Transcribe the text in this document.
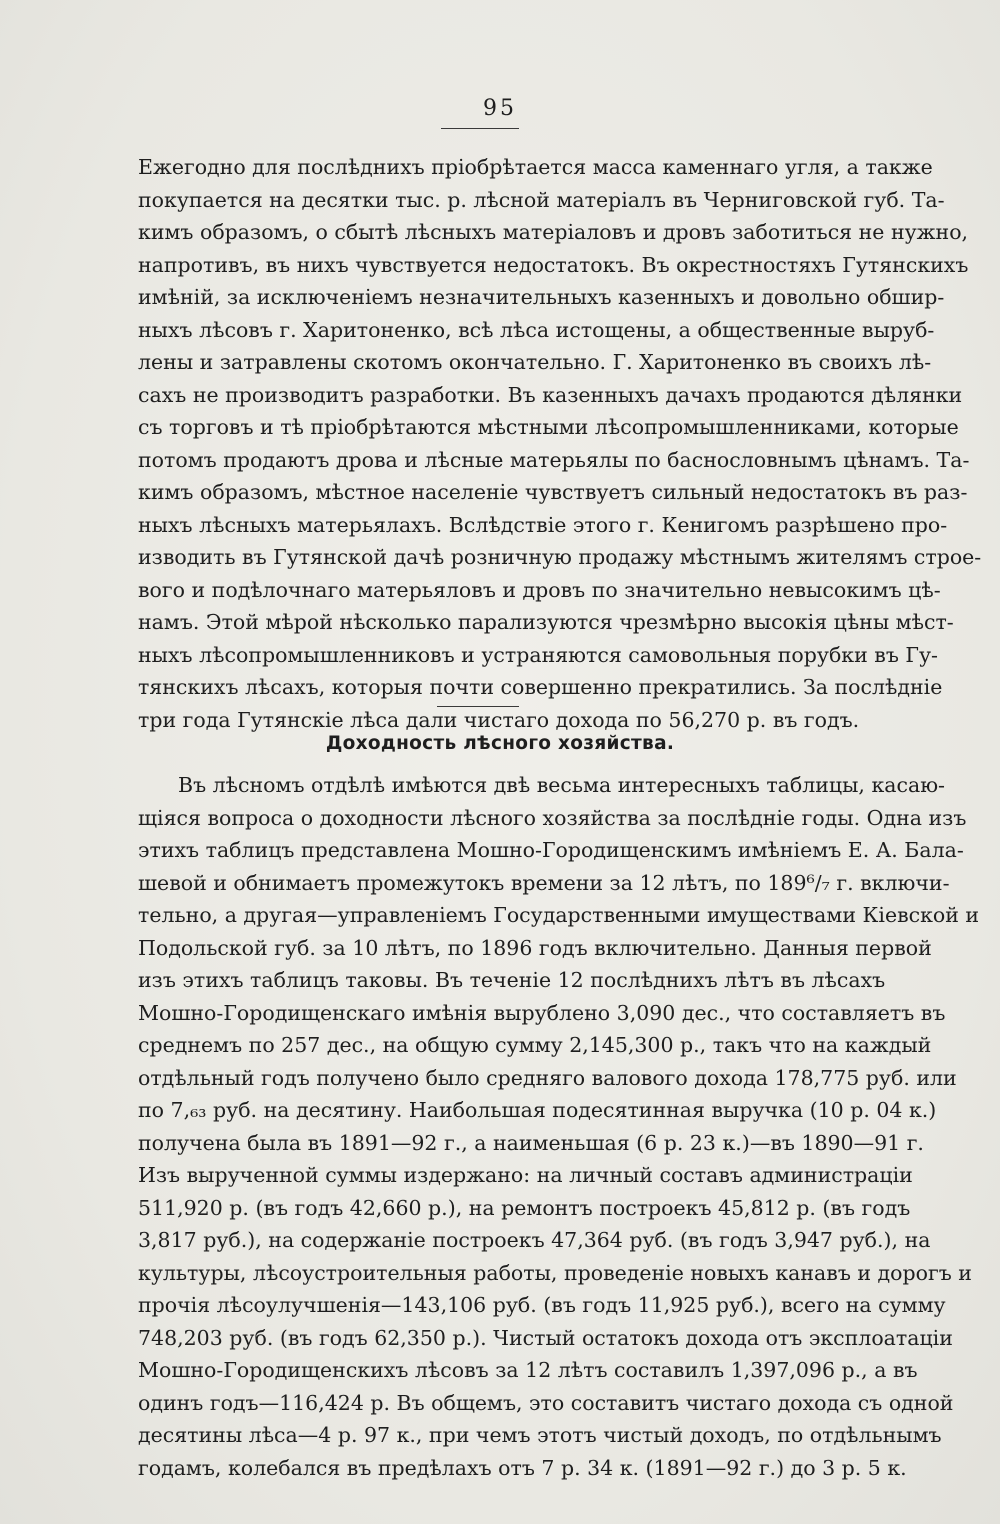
95
Ежегодно для послѣднихъ пріобрѣтается масса каменнаго угля, а также
покупается на десятки тыс. р. лѣсной матеріалъ въ Черниговской губ. Та-
кимъ образомъ, о сбытѣ лѣсныхъ матеріаловъ и дровъ заботиться не нужно,
напротивъ, въ нихъ чувствуется недостатокъ. Въ окрестностяхъ Гутянскихъ
имѣній, за исключеніемъ незначительныхъ казенныхъ и довольно обшир-
ныхъ лѣсовъ г. Харитоненко, всѣ лѣса истощены, а общественные выруб-
лены и затравлены скотомъ окончательно. Г. Харитоненко въ своихъ лѣ-
сахъ не производитъ разработки. Въ казенныхъ дачахъ продаются дѣлянки
съ торговъ и тѣ пріобрѣтаются мѣстными лѣсопромышленниками, которые
потомъ продаютъ дрова и лѣсные матерьялы по баснословнымъ цѣнамъ. Та-
кимъ образомъ, мѣстное населеніе чувствуетъ сильный недостатокъ въ раз-
ныхъ лѣсныхъ матерьялахъ. Вслѣдствіе этого г. Кенигомъ разрѣшено про-
изводить въ Гутянской дачѣ розничную продажу мѣстнымъ жителямъ строе-
вого и подѣлочнаго матерьяловъ и дровъ по значительно невысокимъ цѣ-
намъ. Этой мѣрой нѣсколько парализуются чрезмѣрно высокія цѣны мѣст-
ныхъ лѣсопромышленниковъ и устраняются самовольныя порубки въ Гу-
тянскихъ лѣсахъ, которыя почти совершенно прекратились. За послѣдніе
три года Гутянскіе лѣса дали чистаго дохода по 56,270 р. въ годъ.
Доходность лѣсного хозяйства.
Въ лѣсномъ отдѣлѣ имѣются двѣ весьма интересныхъ таблицы, касаю-
щіяся вопроса о доходности лѣсного хозяйства за послѣдніе годы. Одна изъ
этихъ таблицъ представлена Мошно-Городищенскимъ имѣніемъ Е. А. Бала-
шевой и обнимаетъ промежутокъ времени за 12 лѣтъ, по 189⁶/₇ г. включи-
тельно, а другая—управленіемъ Государственными имуществами Кіевской и
Подольской губ. за 10 лѣтъ, по 1896 годъ включительно. Данныя первой
изъ этихъ таблицъ таковы. Въ теченіе 12 послѣднихъ лѣтъ въ лѣсахъ
Мошно-Городищенскаго имѣнія вырублено 3,090 дес., что составляетъ въ
среднемъ по 257 дес., на общую сумму 2,145,300 р., такъ что на каждый
отдѣльный годъ получено было средняго валового дохода 178,775 руб. или
по 7,₆₃ руб. на десятину. Наибольшая подесятинная выручка (10 р. 04 к.)
получена была въ 1891—92 г., а наименьшая (6 р. 23 к.)—въ 1890—91 г.
Изъ вырученной суммы издержано: на личный составъ администраціи
511,920 р. (въ годъ 42,660 р.), на ремонтъ построекъ 45,812 р. (въ годъ
3,817 руб.), на содержаніе построекъ 47,364 руб. (въ годъ 3,947 руб.), на
культуры, лѣсоустроительныя работы, проведеніе новыхъ канавъ и дорогъ и
прочія лѣсоулучшенія—143,106 руб. (въ годъ 11,925 руб.), всего на сумму
748,203 руб. (въ годъ 62,350 р.). Чистый остатокъ дохода отъ эксплоатаціи
Мошно-Городищенскихъ лѣсовъ за 12 лѣтъ составилъ 1,397,096 р., а въ
одинъ годъ—116,424 р. Въ общемъ, это составитъ чистаго дохода съ одной
десятины лѣса—4 р. 97 к., при чемъ этотъ чистый доходъ, по отдѣльнымъ
годамъ, колебался въ предѣлахъ отъ 7 р. 34 к. (1891—92 г.) до 3 р. 5 к.
